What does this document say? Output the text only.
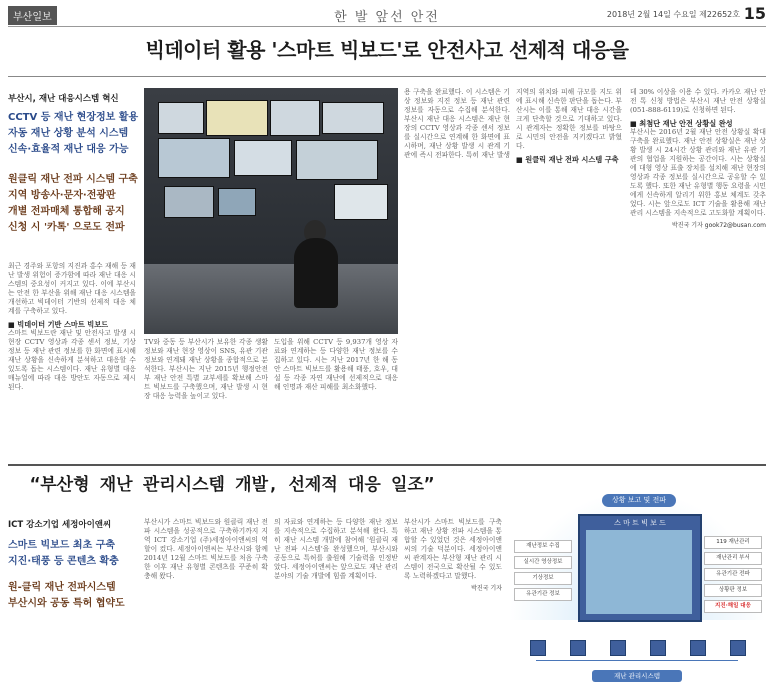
부산일보	한 발 앞선 안전	2018년 2월 14일 수요일 제22652호 15
빅데이터 활용 '스마트 빅보드'로 안전사고 선제적 대응을
부산시, 재난 대응시스템 혁신
CCTV 등 재난 현장정보 활용
자동 재난 상황 분석 시스템
신속·효율적 재난 대응 가능
원클릭 재난 전파 시스템 구축
지역 방송사·문자·전광판
개별 전파매체 통합해 공지
신청 시 '카톡' 으로도 전파
최근 경주와 포항의 지진과 홍수 재해 등 재난 발생 위험이 증가함에 따라 재난 대응 시스템의 중요성이 커지고 있다. 이에 부산시는 안전 한 부산을 위해 재난 대응 시스템을 개선하고 빅데이터 기반의 선제적 대응 체계를 구축하고 있다.
■ 빅데이터 기반 스마트 빅보드
스마트 빅보드란 재난 및 안전사고 발생 시 현장 CCTV 영상과 각종 센서 정보, 기상 정보 등 재난 관련 정보를 한 화면에 표시해 재난 상황을 신속하게 분석하고 대응할 수 있도록 돕는 시스템이다. 재난 유형별 대응 매뉴얼에 따라 대응 방안도 자동으로 제시된다.
TV와 중동 등 부산시가 보유한 각종 생활 정보와 재난 현장 영상이 SNS, 유관 기관 정보와 연계돼 재난 상황을 종합적으로 분석한다. 부산시는 지난 2015년 행정안전부 재난 안전 특별 교부세를 확보해 스마트 빅보드를 구축했으며, 재난 발생 시 현장 대응 능력을 높이고 있다.
도입을 위해 CCTV 등 9,937개 영상 자료와 연계하는 등 다양한 재난 정보를 수집하고 있다. 시는 지난 2017년 한 해 동안 스마트 빅보드를 활용해 태풍, 호우, 대설 등 각종 자연 재난에 선제적으로 대응해 인명과 재산 피해를 최소화했다.
용 구축을 완료했다. 이 시스템은 기상 정보와 지진 정보 등 재난 관련 정보를 자동으로 수집해 분석한다. 부산시 재난 대응 시스템은 재난 현장의 CCTV 영상과 각종 센서 정보를 실시간으로 연계해 한 화면에 표시하며, 재난 상황 발생 시 관계 기관에 즉시 전파한다. 특히 재난 발생 지역의 위치와 피해 규모를 지도 위에 표시해 신속한 판단을 돕는다. 부산시는 이를 통해 재난 대응 시간을 크게 단축할 것으로 기대하고 있다. 시 관계자는 정확한 정보를 바탕으로 시민의 안전을 지키겠다고 밝혔다.
■ 원클릭 재난 전파 시스템 구축
데 30% 이상을 이용 수 있다. 카카오 재난 안전 톡 신청 방법은 부산시 재난 안전 상황실(051-888-6119)로 신청하면 된다.
■ 최첨단 재난 안전 상황실 완성
부산시는 2016년 2월 재난 안전 상황실 확대 구축을 완료했다. 재난 안전 상황실은 재난 상황 발생 시 24시간 상황 관리와 재난 유관 기관의 협업을 지원하는 공간이다. 시는 상황실에 대형 영상 표출 장치를 설치해 재난 현장의 영상과 각종 정보를 실시간으로 공유할 수 있도록 했다. 또한 재난 유형별 행동 요령을 시민에게 신속하게 알리기 위한 홍보 체계도 갖추었다. 시는 앞으로도 ICT 기술을 활용해 재난 관리 시스템을 지속적으로 고도화할 계획이다.
박진국 기자 gook72@busan.com
“부산형 재난 관리시스템 개발, 선제적 대응 일조”
ICT 강소기업 세정아이앤씨
스마트 빅보드 최초 구축
지진·태풍 등 콘텐츠 확충
원-클릭 재난 전파시스템
부산시와 공동 특허 협약도
부산시가 스마트 빅보드와 원클릭 재난 전파 시스템을 성공적으로 구축하기까지 지역 ICT 강소기업 (주)세정아이앤씨의 역할이 컸다. 세정아이앤씨는 부산시와 함께 2014년 12월 스마트 빅보드를 처음 구축한 이후 재난 유형별 콘텐츠를 꾸준히 확충해 왔다.
의 자료와 연계하는 등 다양한 재난 정보를 지속적으로 수집하고 분석해 왔다. 특히 재난 시스템 개발에 참여해 '원클릭 재난 전파 시스템'을 완성했으며, 부산시와 공동으로 특허를 출원해 기술력을 인정받았다. 세정아이앤씨는 앞으로도 재난 관리 분야의 기술 개발에 힘쓸 계획이다.
부산시가 스마트 빅보드를 구축하고 재난 상황 전파 시스템을 통합할 수 있었던 것은 세정아이앤씨의 기술 덕분이다. 세정아이앤씨 관계자는 부산형 재난 관리 시스템이 전국으로 확산될 수 있도록 노력하겠다고 말했다.
박진국 기자
상황 보고 및 전파
스 마 트 빅 보 드
재난정보 수집
실시간 영상정보
기상정보
유관기관 정보
119 재난관리
재난관리 부서
유관기관 전파
상황판 정보
지진·해일 대응
재난 관리시스템
